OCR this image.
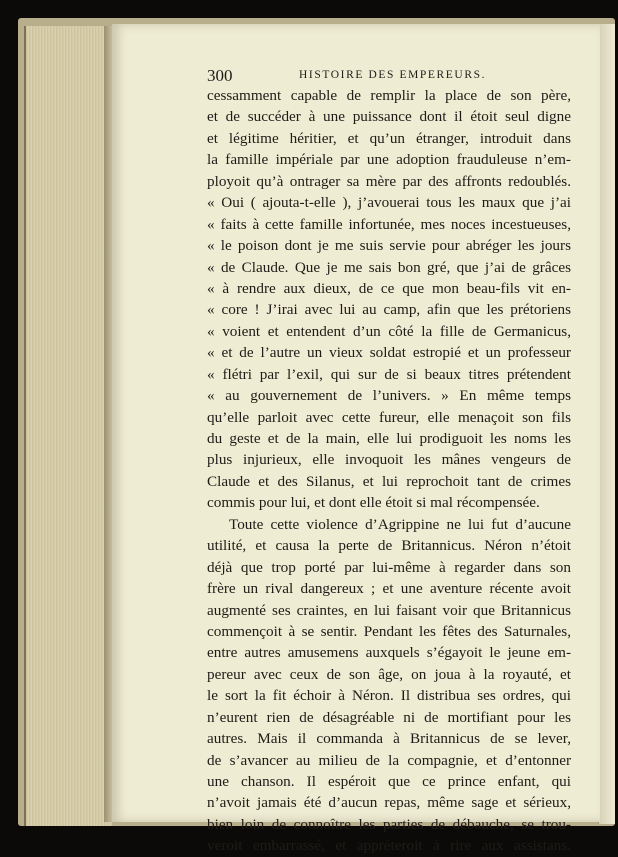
300	HISTOIRE DES EMPEREURS.
cessamment capable de remplir la place de son père,
et de succéder à une puissance dont il étoit seul digne
et légitime héritier, et qu’un étranger, introduit dans
la famille impériale par une adoption frauduleuse n’em-
ployoit qu’à ontrager sa mère par des affronts redoublés.
« Oui ( ajouta-t-elle ), j’avouerai tous les maux que j’ai
« faits à cette famille infortunée, mes noces incestueuses,
« le poison dont je me suis servie pour abréger les jours
« de Claude. Que je me sais bon gré, que j’ai de grâces
« à rendre aux dieux, de ce que mon beau-fils vit en-
« core ! J’irai avec lui au camp, afin que les prétoriens
« voient et entendent d’un côté la fille de Germanicus,
« et de l’autre un vieux soldat estropié et un professeur
« flétri par l’exil, qui sur de si beaux titres prétendent
« au gouvernement de l’univers. » En même temps
qu’elle parloit avec cette fureur, elle menaçoit son fils
du geste et de la main, elle lui prodiguoit les noms les
plus injurieux, elle invoquoit les mânes vengeurs de
Claude et des Silanus, et lui reprochoit tant de crimes
commis pour lui, et dont elle étoit si mal récompensée.
Toute cette violence d’Agrippine ne lui fut d’aucune
utilité, et causa la perte de Britannicus. Néron n’étoit
déjà que trop porté par lui-même à regarder dans son
frère un rival dangereux ; et une aventure récente avoit
augmenté ses craintes, en lui faisant voir que Britannicus
commençoit à se sentir. Pendant les fêtes des Saturnales,
entre autres amusemens auxquels s’égayoit le jeune em-
pereur avec ceux de son âge, on joua à la royauté, et
le sort la fit échoir à Néron. Il distribua ses ordres, qui
n’eurent rien de désagréable ni de mortifiant pour les
autres. Mais il commanda à Britannicus de se lever,
de s’avancer au milieu de la compagnie, et d’entonner
une chanson. Il espéroit que ce prince enfant, qui
n’avoit jamais été d’aucun repas, même sage et sérieux,
bien loin de connoître les parties de débauche, se trou-
veroit embarrassé, et appréteroit à rire aux assistans.
